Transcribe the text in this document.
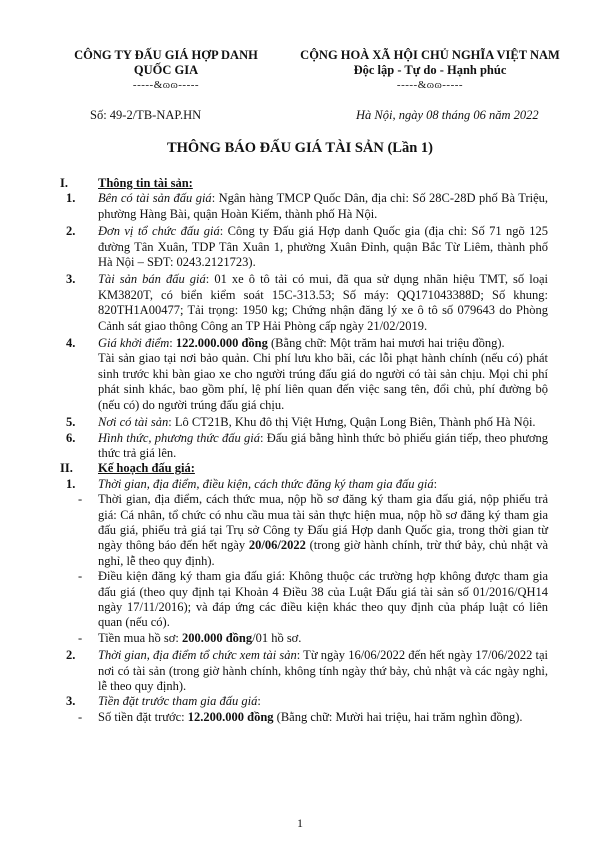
CÔNG TY ĐẤU GIÁ HỢP DANH
QUỐC GIA
-----&ɷɷ-----
CỘNG HOÀ XÃ HỘI CHỦ NGHĨA VIỆT NAM
Độc lập - Tự do - Hạnh phúc
-----&ɷɷ-----
Số: 49-2/TB-NAP.HN	Hà Nội, ngày 08 tháng 06 năm 2022
THÔNG BÁO ĐẤU GIÁ TÀI SẢN (Lần 1)
I. Thông tin tài sản:
1. Bên có tài sản đấu giá: Ngân hàng TMCP Quốc Dân, địa chỉ: Số 28C-28D phố Bà Triệu, phường Hàng Bài, quận Hoàn Kiếm, thành phố Hà Nội.
2. Đơn vị tổ chức đấu giá: Công ty Đấu giá Hợp danh Quốc gia (địa chỉ: Số 71 ngõ 125 đường Tân Xuân, TDP Tân Xuân 1, phường Xuân Đỉnh, quận Bắc Từ Liêm, thành phố Hà Nội – SĐT: 0243.2121723).
3. Tài sản bán đấu giá: 01 xe ô tô tải có mui, đã qua sử dụng nhãn hiệu TMT, số loại KM3820T, có biển kiểm soát 15C-313.53; Số máy: QQ171043388D; Số khung: 820TH1A00477; Tải trọng: 1950 kg; Chứng nhận đăng lý xe ô tô số 079643 do Phòng Cảnh sát giao thông Công an TP Hải Phòng cấp ngày 21/02/2019.
4. Giá khởi điểm: 122.000.000 đồng (Bằng chữ: Một trăm hai mươi hai triệu đồng).
Tài sản giao tại nơi bảo quản. Chi phí lưu kho bãi, các lỗi phạt hành chính (nếu có) phát sinh trước khi bàn giao xe cho người trúng đấu giá do người có tài sản chịu. Mọi chi phí phát sinh khác, bao gồm phí, lệ phí liên quan đến việc sang tên, đổi chủ, phí đường bộ (nếu có) do người trúng đấu giá chịu.
5. Nơi có tài sản: Lô CT21B, Khu đô thị Việt Hưng, Quận Long Biên, Thành phố Hà Nội.
6. Hình thức, phương thức đấu giá: Đấu giá bằng hình thức bỏ phiếu gián tiếp, theo phương thức trả giá lên.
II. Kế hoạch đấu giá:
1. Thời gian, địa điểm, điều kiện, cách thức đăng ký tham gia đấu giá:
- Thời gian, địa điểm, cách thức mua, nộp hồ sơ đăng ký tham gia đấu giá, nộp phiếu trả giá: Cá nhân, tổ chức có nhu cầu mua tài sản thực hiện mua, nộp hồ sơ đăng ký tham gia đấu giá, phiếu trả giá tại Trụ sở Công ty Đấu giá Hợp danh Quốc gia, trong thời gian từ ngày thông báo đến hết ngày 20/06/2022 (trong giờ hành chính, trừ thứ bảy, chủ nhật và nghỉ, lễ theo quy định).
- Điều kiện đăng ký tham gia đấu giá: Không thuộc các trường hợp không được tham gia đấu giá (theo quy định tại Khoản 4 Điều 38 của Luật Đấu giá tài sản số 01/2016/QH14 ngày 17/11/2016); và đáp ứng các điều kiện khác theo quy định của pháp luật có liên quan (nếu có).
- Tiền mua hồ sơ: 200.000 đồng/01 hồ sơ.
2. Thời gian, địa điểm tổ chức xem tài sản: Từ ngày 16/06/2022 đến hết ngày 17/06/2022 tại nơi có tài sản (trong giờ hành chính, không tính ngày thứ bảy, chủ nhật và các ngày nghỉ, lễ theo quy định).
3. Tiền đặt trước tham gia đấu giá:
- Số tiền đặt trước: 12.200.000 đồng (Bằng chữ: Mười hai triệu, hai trăm nghìn đồng).
1
